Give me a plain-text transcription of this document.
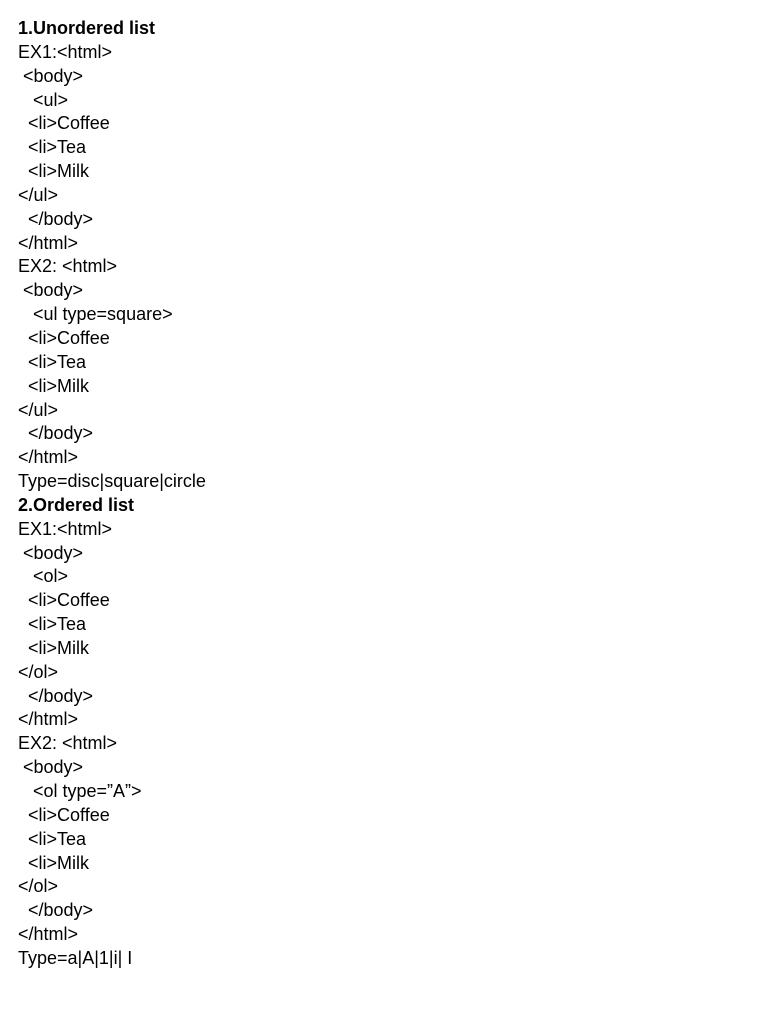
1.Unordered list
EX1:<html>
<body>
<ul>
<li>Coffee
<li>Tea
<li>Milk
</ul>
</body>
</html>
EX2: <html>
<body>
<ul type=square>
<li>Coffee
<li>Tea
<li>Milk
</ul>
</body>
</html>
Type=disc|square|circle
2.Ordered list
EX1:<html>
<body>
<ol>
<li>Coffee
<li>Tea
<li>Milk
</ol>
</body>
</html>
EX2: <html>
<body>
<ol type=”A”>
<li>Coffee
<li>Tea
<li>Milk
</ol>
</body>
</html>
Type=a|A|1|i| I
